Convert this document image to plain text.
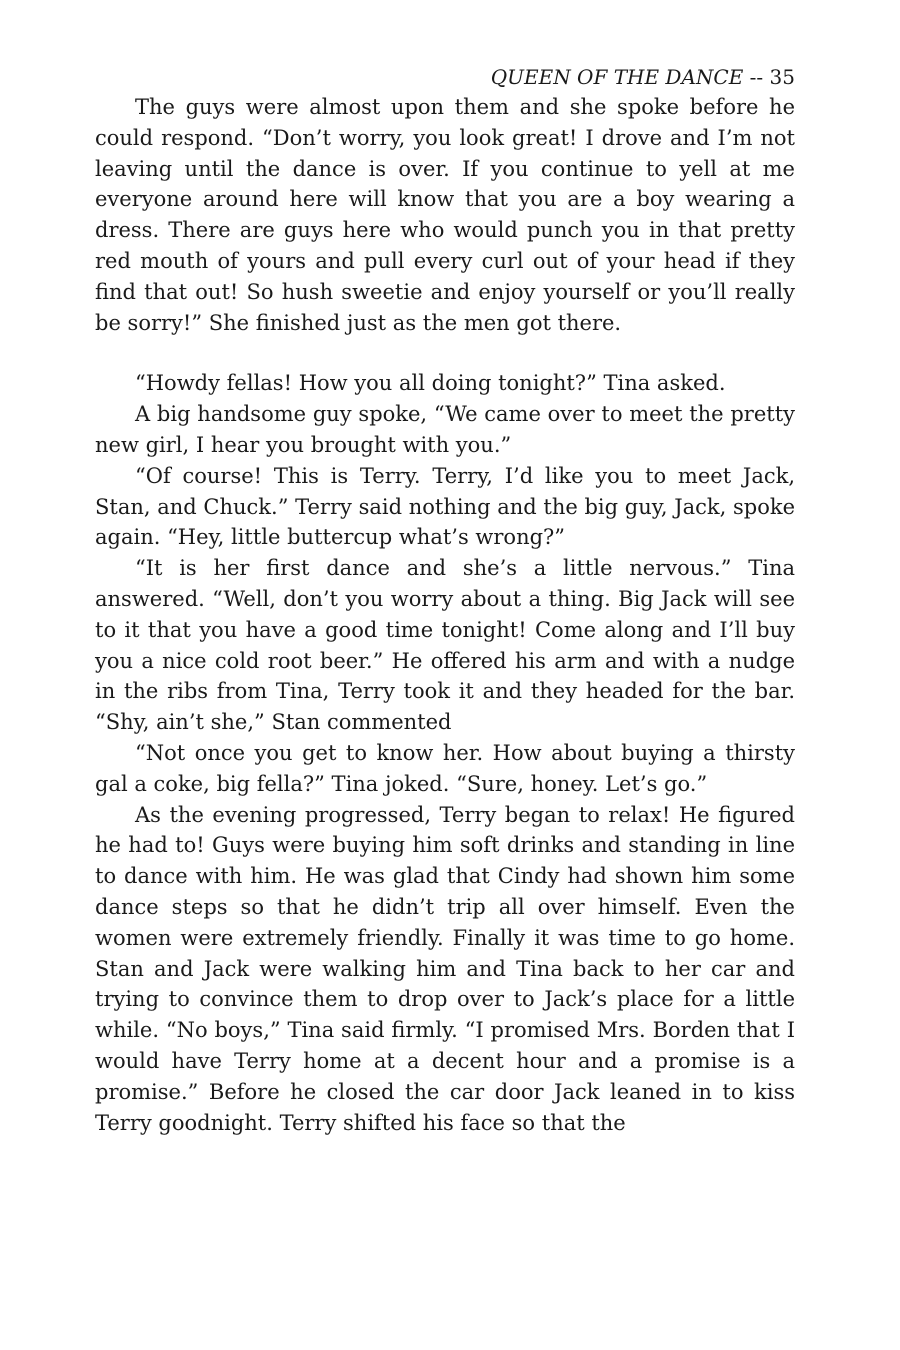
QUEEN OF THE DANCE -- 35

The guys were almost upon them and she spoke before he could respond. “Don’t worry, you look great! I drove and I’m not leaving until the dance is over. If you continue to yell at me everyone around here will know that you are a boy wearing a dress. There are guys here who would punch you in that pretty red mouth of yours and pull every curl out of your head if they find that out! So hush sweetie and enjoy yourself or you’ll really be sorry!” She finished just as the men got there.

“Howdy fellas! How you all doing tonight?” Tina asked.

A big handsome guy spoke, “We came over to meet the pretty new girl, I hear you brought with you.”

“Of course! This is Terry. Terry, I’d like you to meet Jack, Stan, and Chuck.” Terry said nothing and the big guy, Jack, spoke again. “Hey, little buttercup what’s wrong?”

“It is her first dance and she’s a little nervous.” Tina answered. “Well, don’t you worry about a thing. Big Jack will see to it that you have a good time tonight! Come along and I’ll buy you a nice cold root beer.” He offered his arm and with a nudge in the ribs from Tina, Terry took it and they headed for the bar. “Shy, ain’t she,” Stan commented

“Not once you get to know her. How about buying a thirsty gal a coke, big fella?” Tina joked. “Sure, honey. Let’s go.”

As the evening progressed, Terry began to relax! He figured he had to! Guys were buying him soft drinks and standing in line to dance with him. He was glad that Cindy had shown him some dance steps so that he didn’t trip all over himself. Even the women were extremely friendly. Finally it was time to go home. Stan and Jack were walking him and Tina back to her car and trying to convince them to drop over to Jack’s place for a little while. “No boys,” Tina said firmly. “I promised Mrs. Borden that I would have Terry home at a decent hour and a promise is a promise.” Before he closed the car door Jack leaned in to kiss Terry goodnight. Terry shifted his face so that the
